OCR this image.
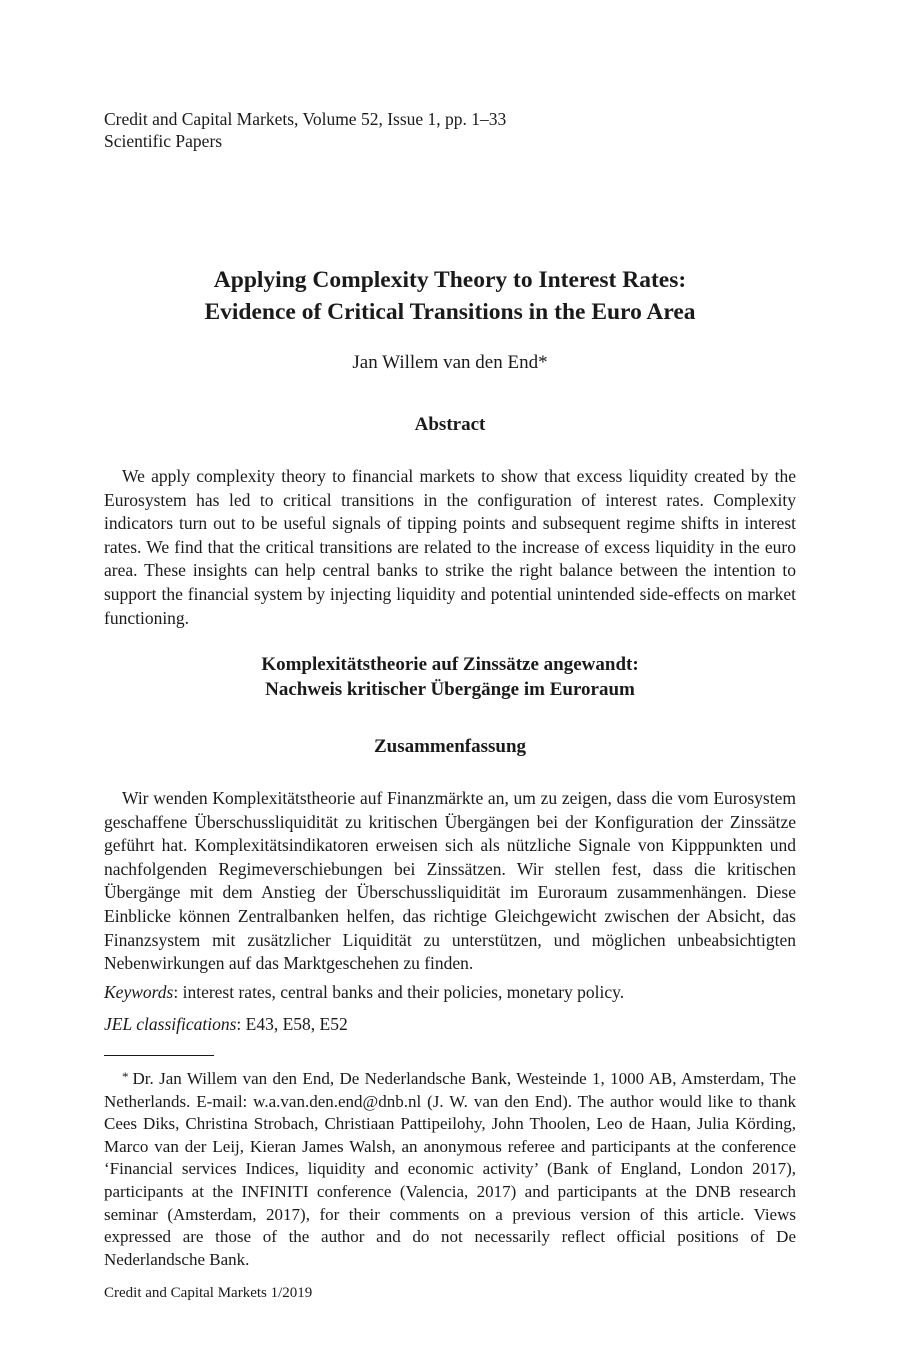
Credit and Capital Markets, Volume 52, Issue 1, pp. 1–33
Scientific Papers
Applying Complexity Theory to Interest Rates:
Evidence of Critical Transitions in the Euro Area
Jan Willem van den End*
Abstract
We apply complexity theory to financial markets to show that excess liquidity created by the Eurosystem has led to critical transitions in the configuration of interest rates. Complexity indicators turn out to be useful signals of tipping points and subsequent regime shifts in interest rates. We find that the critical transitions are related to the increase of excess liquidity in the euro area. These insights can help central banks to strike the right balance between the intention to support the financial system by injecting liquidity and potential unintended side-effects on market functioning.
Komplexitätstheorie auf Zinssätze angewandt:
Nachweis kritischer Übergänge im Euroraum
Zusammenfassung
Wir wenden Komplexitätstheorie auf Finanzmärkte an, um zu zeigen, dass die vom Eurosystem geschaffene Überschussliquidität zu kritischen Übergängen bei der Konfiguration der Zinssätze geführt hat. Komplexitätsindikatoren erweisen sich als nützliche Signale von Kipppunkten und nachfolgenden Regimeverschiebungen bei Zinssätzen. Wir stellen fest, dass die kritischen Übergänge mit dem Anstieg der Überschussliquidität im Euroraum zusammenhängen. Diese Einblicke können Zentralbanken helfen, das richtige Gleichgewicht zwischen der Absicht, das Finanzsystem mit zusätzlicher Liquidität zu unterstützen, und möglichen unbeabsichtigten Nebenwirkungen auf das Marktgeschehen zu finden.
Keywords: interest rates, central banks and their policies, monetary policy.
JEL classifications: E43, E58, E52
* Dr. Jan Willem van den End, De Nederlandsche Bank, Westeinde 1, 1000 AB, Amsterdam, The Netherlands. E-mail: w.a.van.den.end@dnb.nl (J. W. van den End). The author would like to thank Cees Diks, Christina Strobach, Christiaan Pattipeilohy, John Thoolen, Leo de Haan, Julia Körding, Marco van der Leij, Kieran James Walsh, an anonymous referee and participants at the conference ‘Financial services Indices, liquidity and economic activity’ (Bank of England, London 2017), participants at the INFINITI conference (Valencia, 2017) and participants at the DNB research seminar (Amsterdam, 2017), for their comments on a previous version of this article. Views expressed are those of the author and do not necessarily reflect official positions of De Nederlandsche Bank.
Credit and Capital Markets 1/2019
